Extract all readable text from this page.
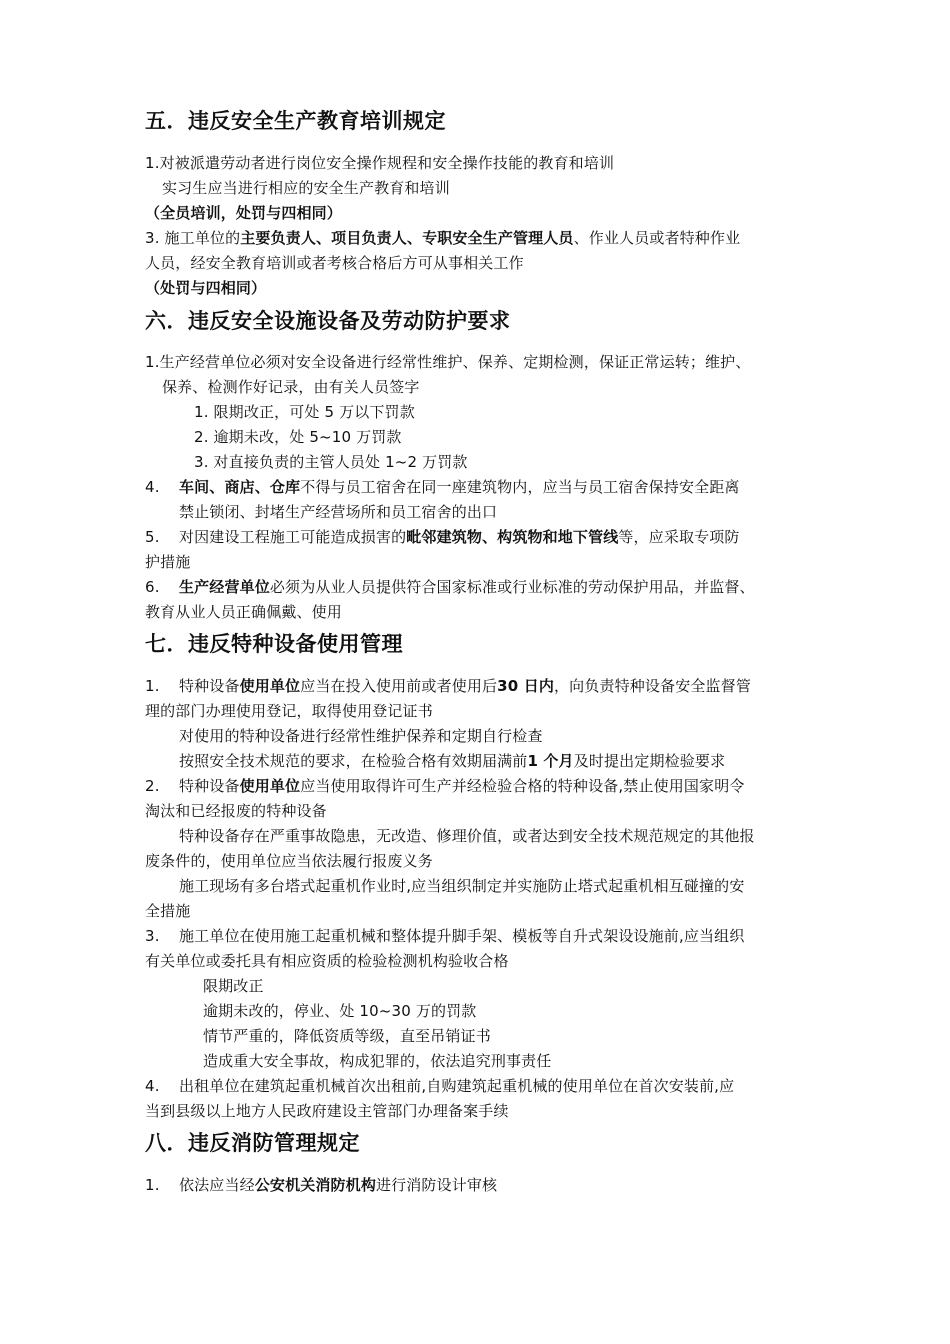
五．违反安全生产教育培训规定
1.对被派遣劳动者进行岗位安全操作规程和安全操作技能的教育和培训
实习生应当进行相应的安全生产教育和培训
（全员培训，处罚与四相同）
3. 施工单位的主要负责人、项目负责人、专职安全生产管理人员、作业人员或者特种作业
人员，经安全教育培训或者考核合格后方可从事相关工作
（处罚与四相同）
六．违反安全设施设备及劳动防护要求
1.生产经营单位必须对安全设备进行经常性维护、保养、定期检测，保证正常运转；维护、
保养、检测作好记录，由有关人员签字
1. 限期改正，可处 5 万以下罚款
2. 逾期未改，处 5~10 万罚款
3. 对直接负责的主管人员处 1~2 万罚款
4. 车间、商店、仓库不得与员工宿舍在同一座建筑物内，应当与员工宿舍保持安全距离
禁止锁闭、封堵生产经营场所和员工宿舍的出口
5. 对因建设工程施工可能造成损害的毗邻建筑物、构筑物和地下管线等，应采取专项防
护措施
6. 生产经营单位必须为从业人员提供符合国家标准或行业标准的劳动保护用品，并监督、
教育从业人员正确佩戴、使用
七．违反特种设备使用管理
1. 特种设备使用单位应当在投入使用前或者使用后30 日内，向负责特种设备安全监督管
理的部门办理使用登记，取得使用登记证书
对使用的特种设备进行经常性维护保养和定期自行检查
按照安全技术规范的要求，在检验合格有效期届满前1 个月及时提出定期检验要求
2. 特种设备使用单位应当使用取得许可生产并经检验合格的特种设备,禁止使用国家明令
淘汰和已经报废的特种设备
特种设备存在严重事故隐患，无改造、修理价值，或者达到安全技术规范规定的其他报
废条件的，使用单位应当依法履行报废义务
施工现场有多台塔式起重机作业时,应当组织制定并实施防止塔式起重机相互碰撞的安
全措施
3. 施工单位在使用施工起重机械和整体提升脚手架、模板等自升式架设设施前,应当组织
有关单位或委托具有相应资质的检验检测机构验收合格
限期改正
逾期未改的，停业、处 10~30 万的罚款
情节严重的，降低资质等级，直至吊销证书
造成重大安全事故，构成犯罪的，依法追究刑事责任
4. 出租单位在建筑起重机械首次出租前,自购建筑起重机械的使用单位在首次安装前,应
当到县级以上地方人民政府建设主管部门办理备案手续
八．违反消防管理规定
1. 依法应当经公安机关消防机构进行消防设计审核
